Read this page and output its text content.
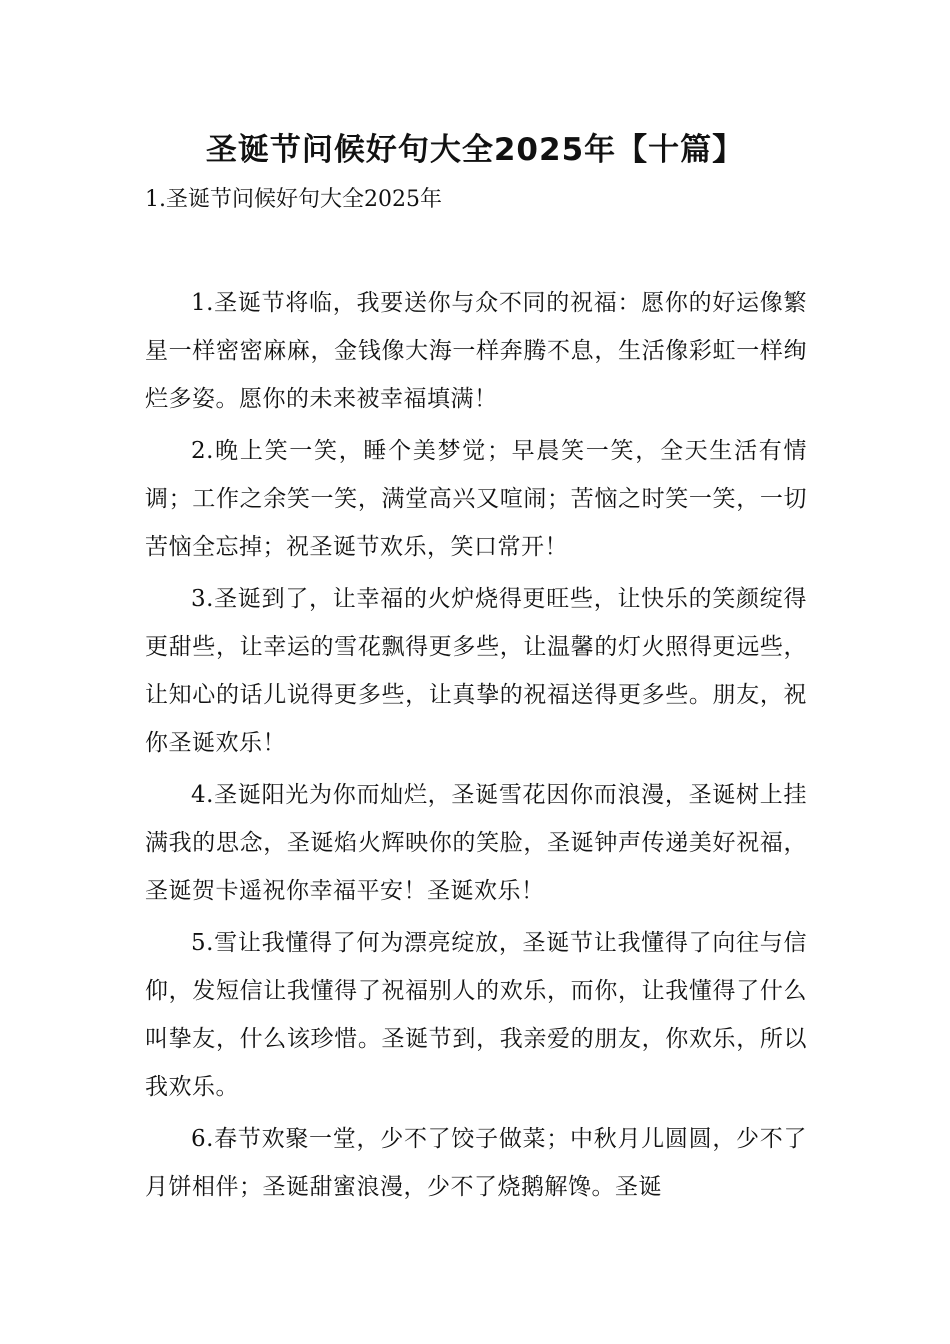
圣诞节问候好句大全2025年【十篇】
1.圣诞节问候好句大全2025年

1.圣诞节将临，我要送你与众不同的祝福：愿你的好运像繁星一样密密麻麻，金钱像大海一样奔腾不息，生活像彩虹一样绚烂多姿。愿你的未来被幸福填满！

2.晚上笑一笑，睡个美梦觉；早晨笑一笑，全天生活有情调；工作之余笑一笑，满堂高兴又喧闹；苦恼之时笑一笑，一切苦恼全忘掉；祝圣诞节欢乐，笑口常开！

3.圣诞到了，让幸福的火炉烧得更旺些，让快乐的笑颜绽得更甜些，让幸运的雪花飘得更多些，让温馨的灯火照得更远些，让知心的话儿说得更多些，让真挚的祝福送得更多些。朋友，祝你圣诞欢乐！

4.圣诞阳光为你而灿烂，圣诞雪花因你而浪漫，圣诞树上挂满我的思念，圣诞焰火辉映你的笑脸，圣诞钟声传递美好祝福，圣诞贺卡遥祝你幸福平安！圣诞欢乐！

5.雪让我懂得了何为漂亮绽放，圣诞节让我懂得了向往与信仰，发短信让我懂得了祝福别人的欢乐，而你，让我懂得了什么叫挚友，什么该珍惜。圣诞节到，我亲爱的朋友，你欢乐，所以我欢乐。

6.春节欢聚一堂，少不了饺子做菜；中秋月儿圆圆，少不了月饼相伴；圣诞甜蜜浪漫，少不了烧鹅解馋。圣诞
